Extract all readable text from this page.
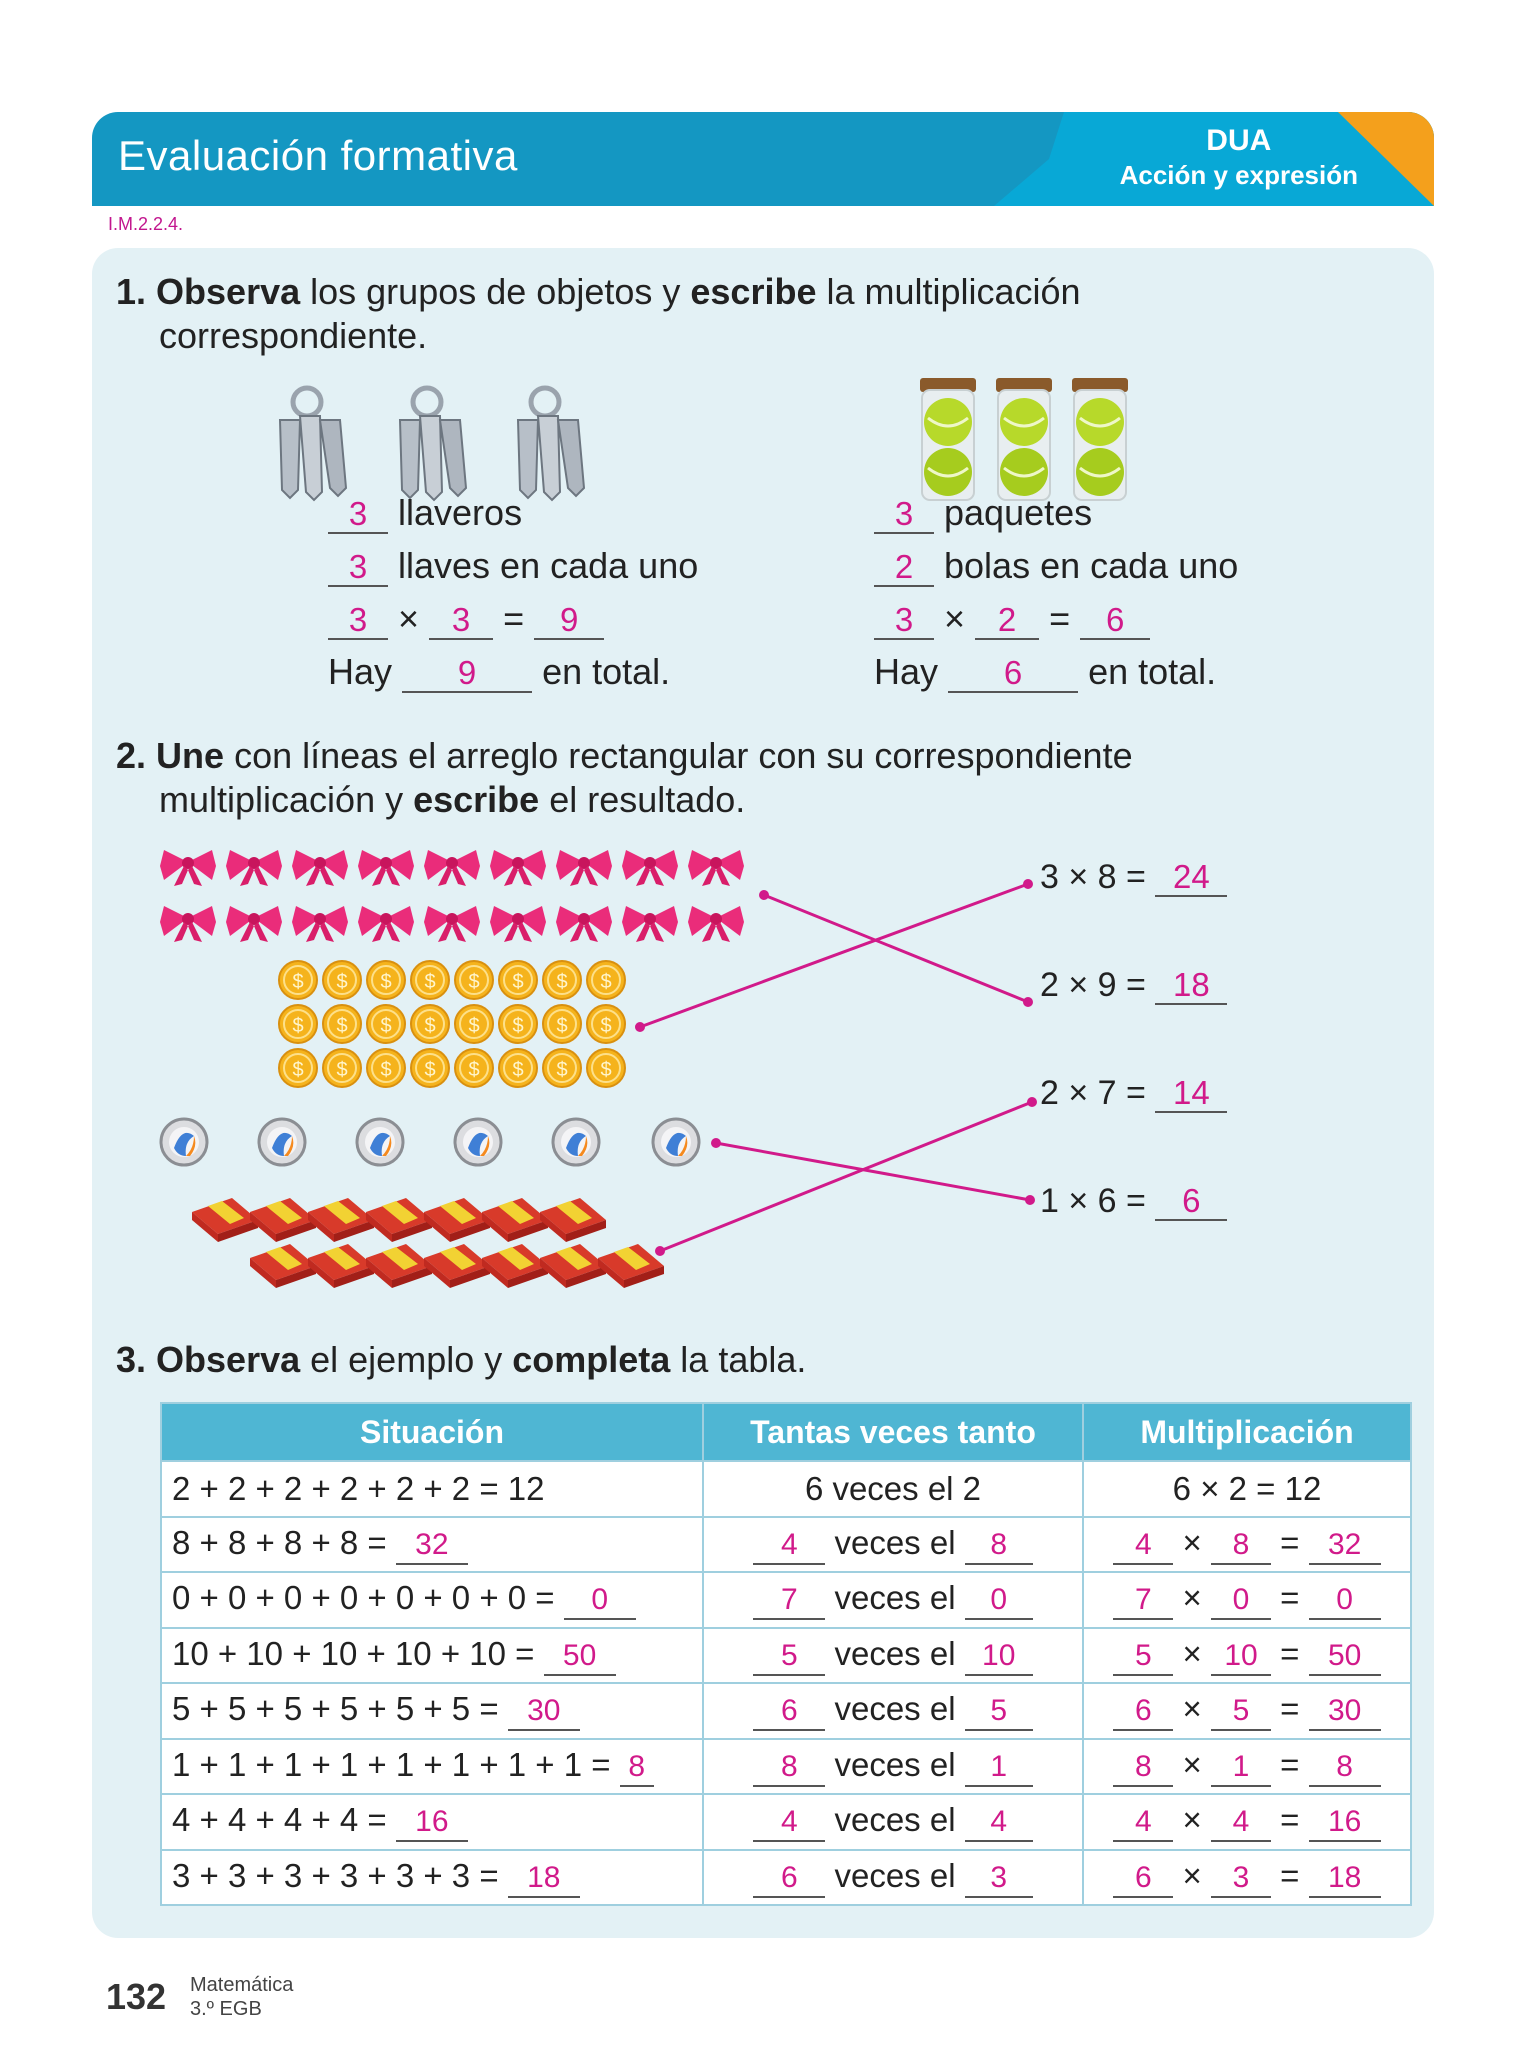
Evaluación formativa	DUA
Acción y expresión
I.M.2.2.4.
1. Observa los grupos de objetos y escribe la multiplicación
correspondiente.
$
3 llaveros
3 llaves en cada uno
3 × 3 = 9
Hay 9 en total.
3 paquetes
2 bolas en cada uno
3 × 2 = 6
Hay 6 en total.
2. Une con líneas el arreglo rectangular con su correspondiente
multiplicación y escribe el resultado.
3 × 8 = 24
2 × 9 = 18
2 × 7 = 14
1 × 6 = 6
3. Observa el ejemplo y completa la tabla.
Situación	Tantas veces tanto	Multiplicación
2 + 2 + 2 + 2 + 2 + 2 = 12	6 veces el 2	6 × 2 = 12
8 + 8 + 8 + 8 = 32	4 veces el 8	4 × 8 = 32
0 + 0 + 0 + 0 + 0 + 0 + 0 = 0	7 veces el 0	7 × 0 = 0
10 + 10 + 10 + 10 + 10 = 50	5 veces el 10	5 × 10 = 50
5 + 5 + 5 + 5 + 5 + 5 = 30	6 veces el 5	6 × 5 = 30
1 + 1 + 1 + 1 + 1 + 1 + 1 + 1 = 8	8 veces el 1	8 × 1 = 8
4 + 4 + 4 + 4 = 16	4 veces el 4	4 × 4 = 16
3 + 3 + 3 + 3 + 3 + 3 = 18	6 veces el 3	6 × 3 = 18
132 Matemática
3.º EGB
